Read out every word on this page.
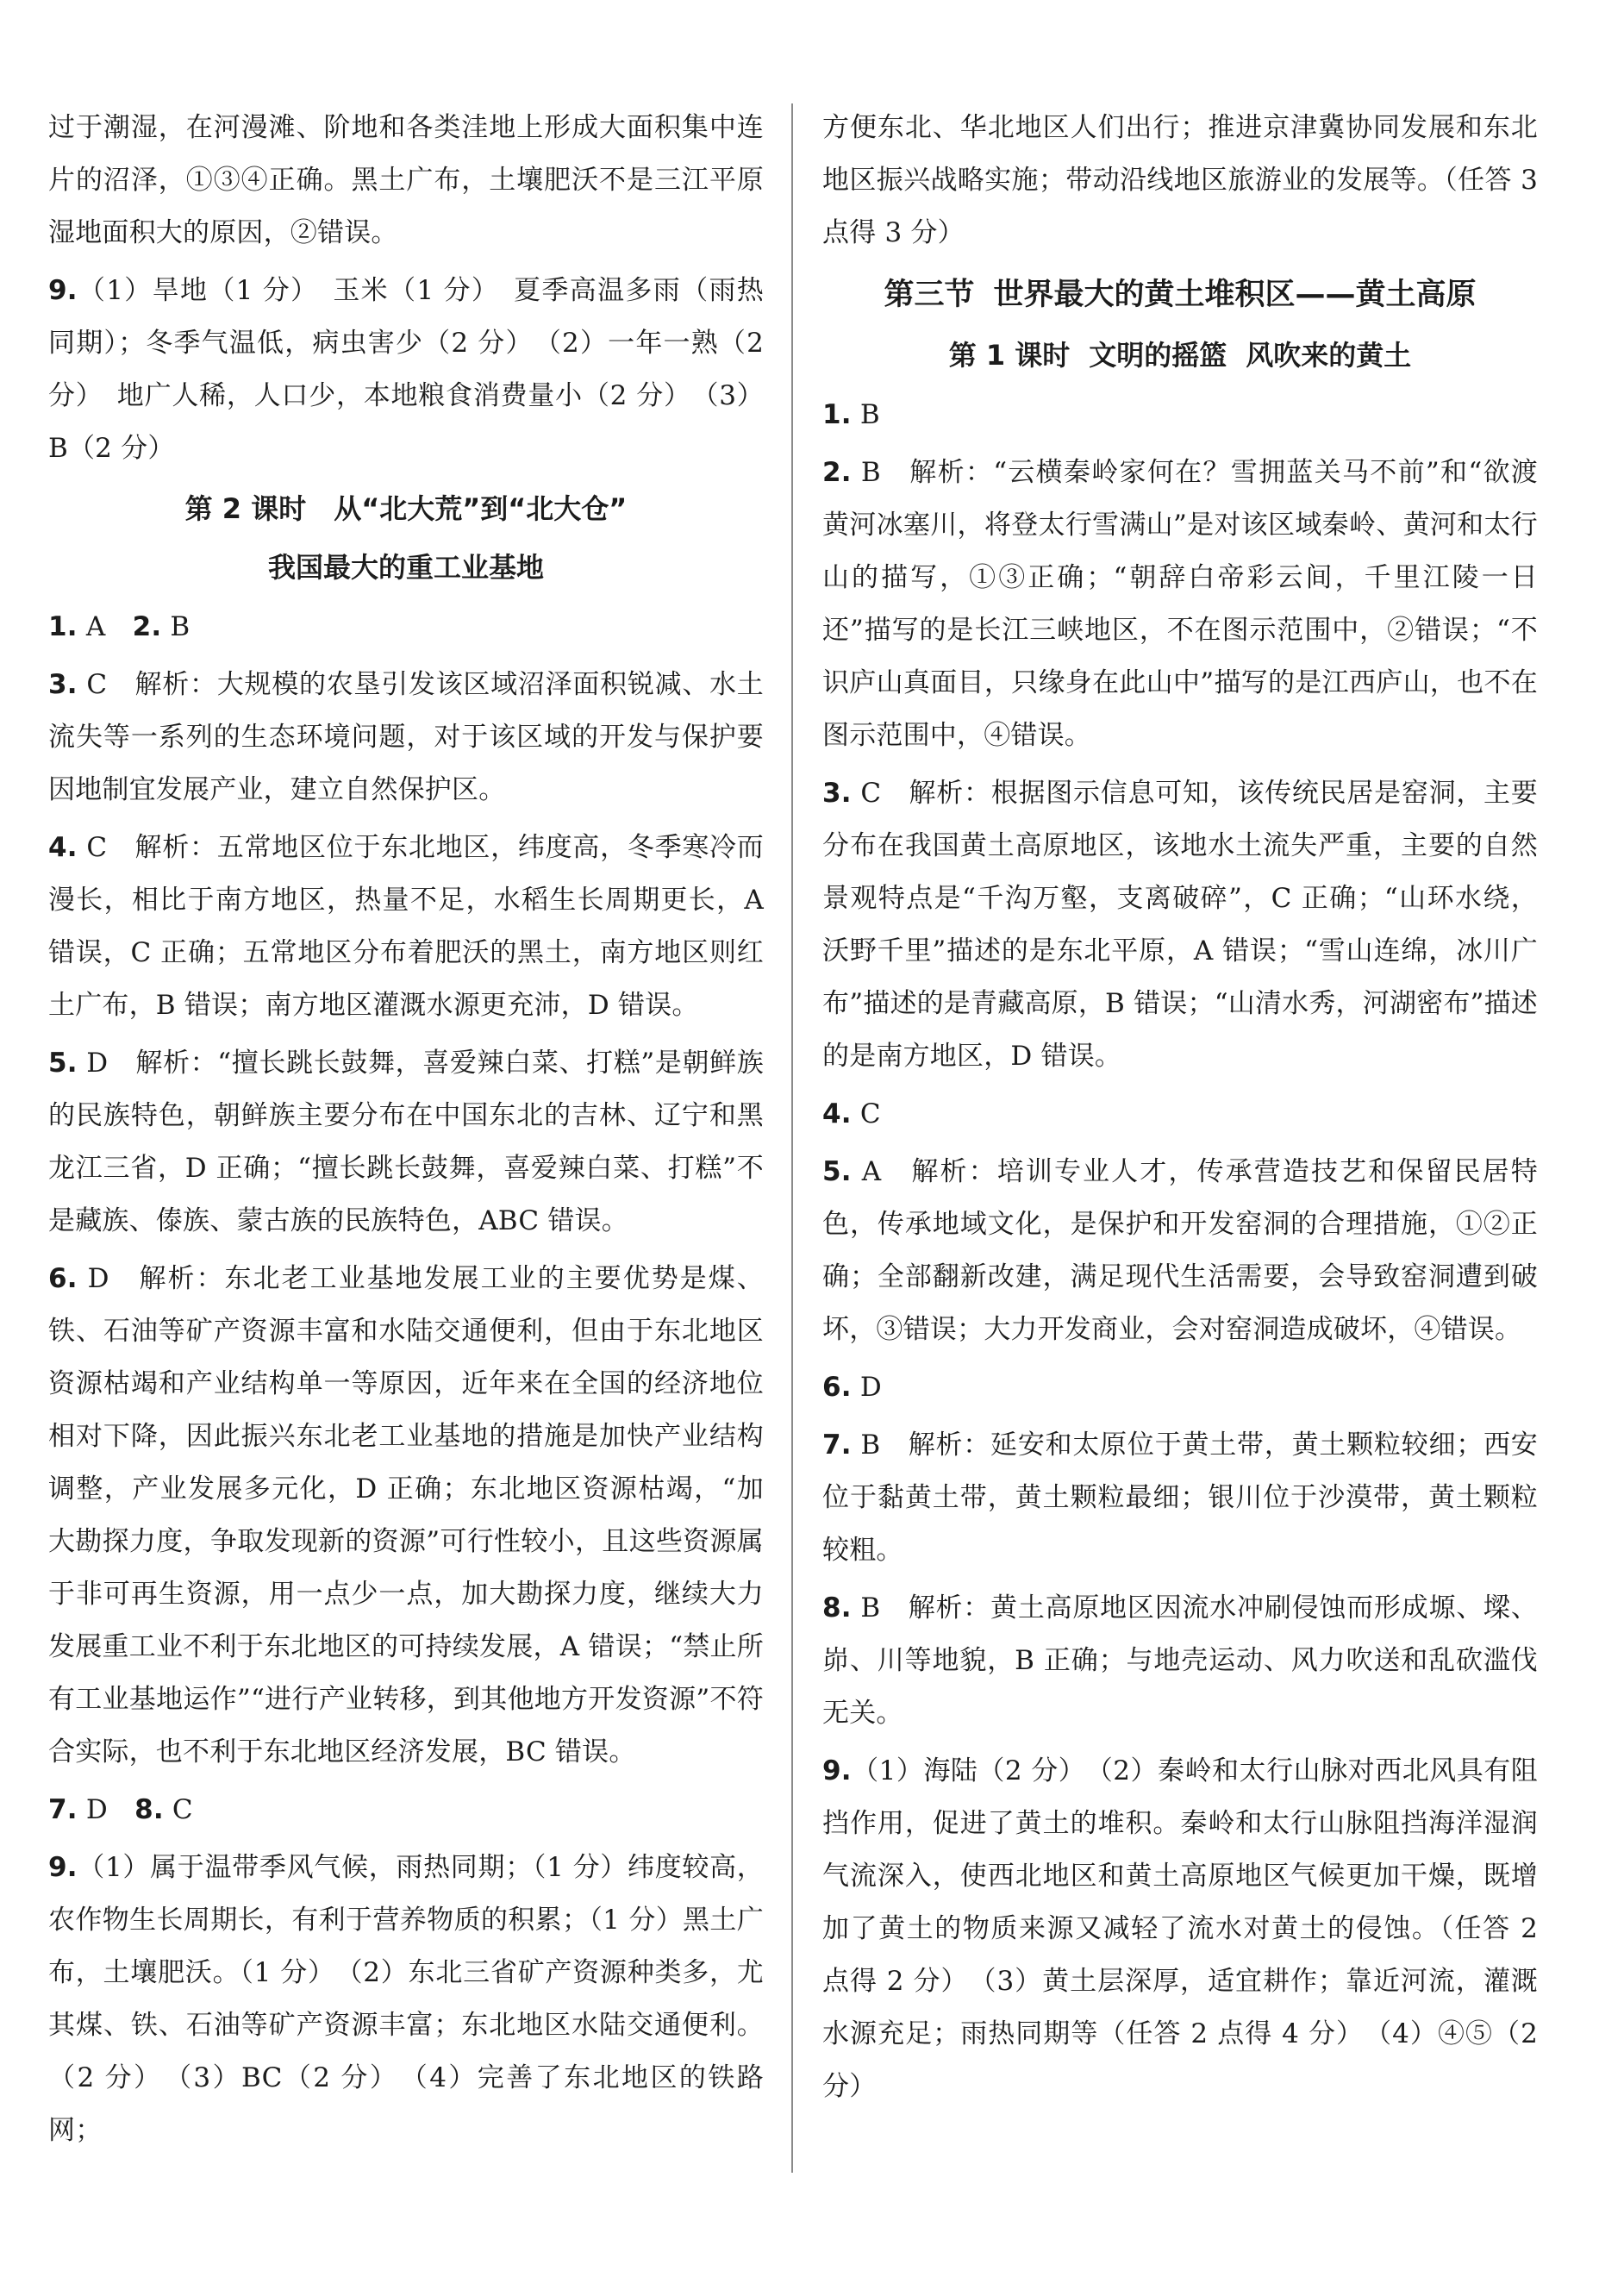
过于潮湿，在河漫滩、阶地和各类洼地上形成大面积集中连片的沼泽，①③④正确。黑土广布，土壤肥沃不是三江平原湿地面积大的原因，②错误。

9.（1）旱地（1 分）　玉米（1 分）　夏季高温多雨（雨热同期）；冬季气温低，病虫害少（2 分）　（2）一年一熟（2 分）　地广人稀，人口少，本地粮食消费量小（2 分）　（3）B（2 分）

第 2 课时　从“北大荒”到“北大仓”
我国最大的重工业基地

1. A　 2. B

3. C　解析：大规模的农垦引发该区域沼泽面积锐减、水土流失等一系列的生态环境问题，对于该区域的开发与保护要因地制宜发展产业，建立自然保护区。

4. C　解析：五常地区位于东北地区，纬度高，冬季寒冷而漫长，相比于南方地区，热量不足，水稻生长周期更长，A 错误，C 正确；五常地区分布着肥沃的黑土，南方地区则红土广布，B 错误；南方地区灌溉水源更充沛，D 错误。

5. D　解析：“擅长跳长鼓舞，喜爱辣白菜、打糕”是朝鲜族的民族特色，朝鲜族主要分布在中国东北的吉林、辽宁和黑龙江三省，D 正确；“擅长跳长鼓舞，喜爱辣白菜、打糕”不是藏族、傣族、蒙古族的民族特色，ABC 错误。

6. D　解析：东北老工业基地发展工业的主要优势是煤、铁、石油等矿产资源丰富和水陆交通便利，但由于东北地区资源枯竭和产业结构单一等原因，近年来在全国的经济地位相对下降，因此振兴东北老工业基地的措施是加快产业结构调整，产业发展多元化，D 正确；东北地区资源枯竭，“加大勘探力度，争取发现新的资源”可行性较小，且这些资源属于非可再生资源，用一点少一点，加大勘探力度，继续大力发展重工业不利于东北地区的可持续发展，A 错误；“禁止所有工业基地运作”“进行产业转移，到其他地方开发资源”不符合实际，也不利于东北地区经济发展，BC 错误。

7. D　 8. C

9.（1）属于温带季风气候，雨热同期；（1 分）纬度较高，农作物生长周期长，有利于营养物质的积累；（1 分）黑土广布，土壤肥沃。（1 分）　（2）东北三省矿产资源种类多，尤其煤、铁、石油等矿产资源丰富；东北地区水陆交通便利。（2 分）　（3）BC（2 分）　（4）完善了东北地区的铁路网；

方便东北、华北地区人们出行；推进京津冀协同发展和东北地区振兴战略实施；带动沿线地区旅游业的发展等。（任答 3 点得 3 分）

第三节 世界最大的黄土堆积区——黄土高原
第 1 课时 文明的摇篮 风吹来的黄土

1. B

2. B　解析：“云横秦岭家何在？雪拥蓝关马不前”和“欲渡黄河冰塞川，将登太行雪满山”是对该区域秦岭、黄河和太行山的描写，①③正确；“朝辞白帝彩云间，千里江陵一日还”描写的是长江三峡地区，不在图示范围中，②错误；“不识庐山真面目，只缘身在此山中”描写的是江西庐山，也不在图示范围中，④错误。

3. C　解析：根据图示信息可知，该传统民居是窑洞，主要分布在我国黄土高原地区，该地水土流失严重，主要的自然景观特点是“千沟万壑，支离破碎”，C 正确；“山环水绕，沃野千里”描述的是东北平原，A 错误；“雪山连绵，冰川广布”描述的是青藏高原，B 错误；“山清水秀，河湖密布”描述的是南方地区，D 错误。

4. C

5. A　解析：培训专业人才，传承营造技艺和保留民居特色，传承地域文化，是保护和开发窑洞的合理措施，①②正确；全部翻新改建，满足现代生活需要，会导致窑洞遭到破坏，③错误；大力开发商业，会对窑洞造成破坏，④错误。

6. D

7. B　解析：延安和太原位于黄土带，黄土颗粒较细；西安位于黏黄土带，黄土颗粒最细；银川位于沙漠带，黄土颗粒较粗。

8. B　解析：黄土高原地区因流水冲刷侵蚀而形成塬、墚、峁、川等地貌，B 正确；与地壳运动、风力吹送和乱砍滥伐无关。

9.（1）海陆（2 分）　（2）秦岭和太行山脉对西北风具有阻挡作用，促进了黄土的堆积。秦岭和太行山脉阻挡海洋湿润气流深入，使西北地区和黄土高原地区气候更加干燥，既增加了黄土的物质来源又减轻了流水对黄土的侵蚀。（任答 2 点得 2 分）　（3）黄土层深厚，适宜耕作；靠近河流，灌溉水源充足；雨热同期等（任答 2 点得 4 分）　（4）④⑤（2 分）
